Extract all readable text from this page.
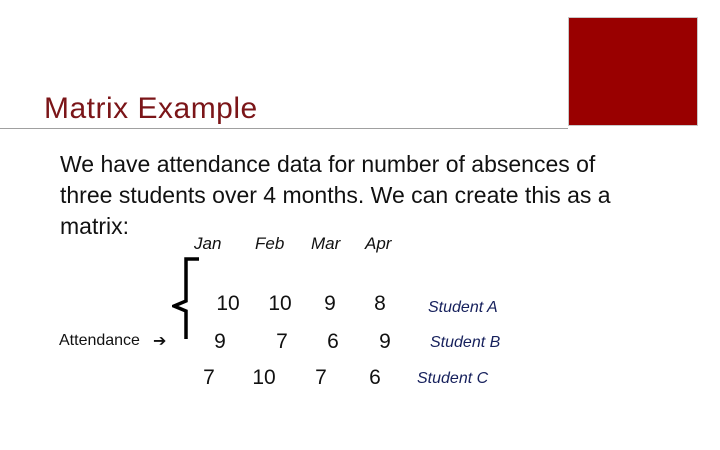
Matrix Example
We have attendance data for number of absences of three students over 4 months. We can create this as a matrix:
Jan Feb Mar Apr
10	10	9	8	Student A
9	7	6	9	Student B
7	10	7	6	Student C
Attendance ➔
